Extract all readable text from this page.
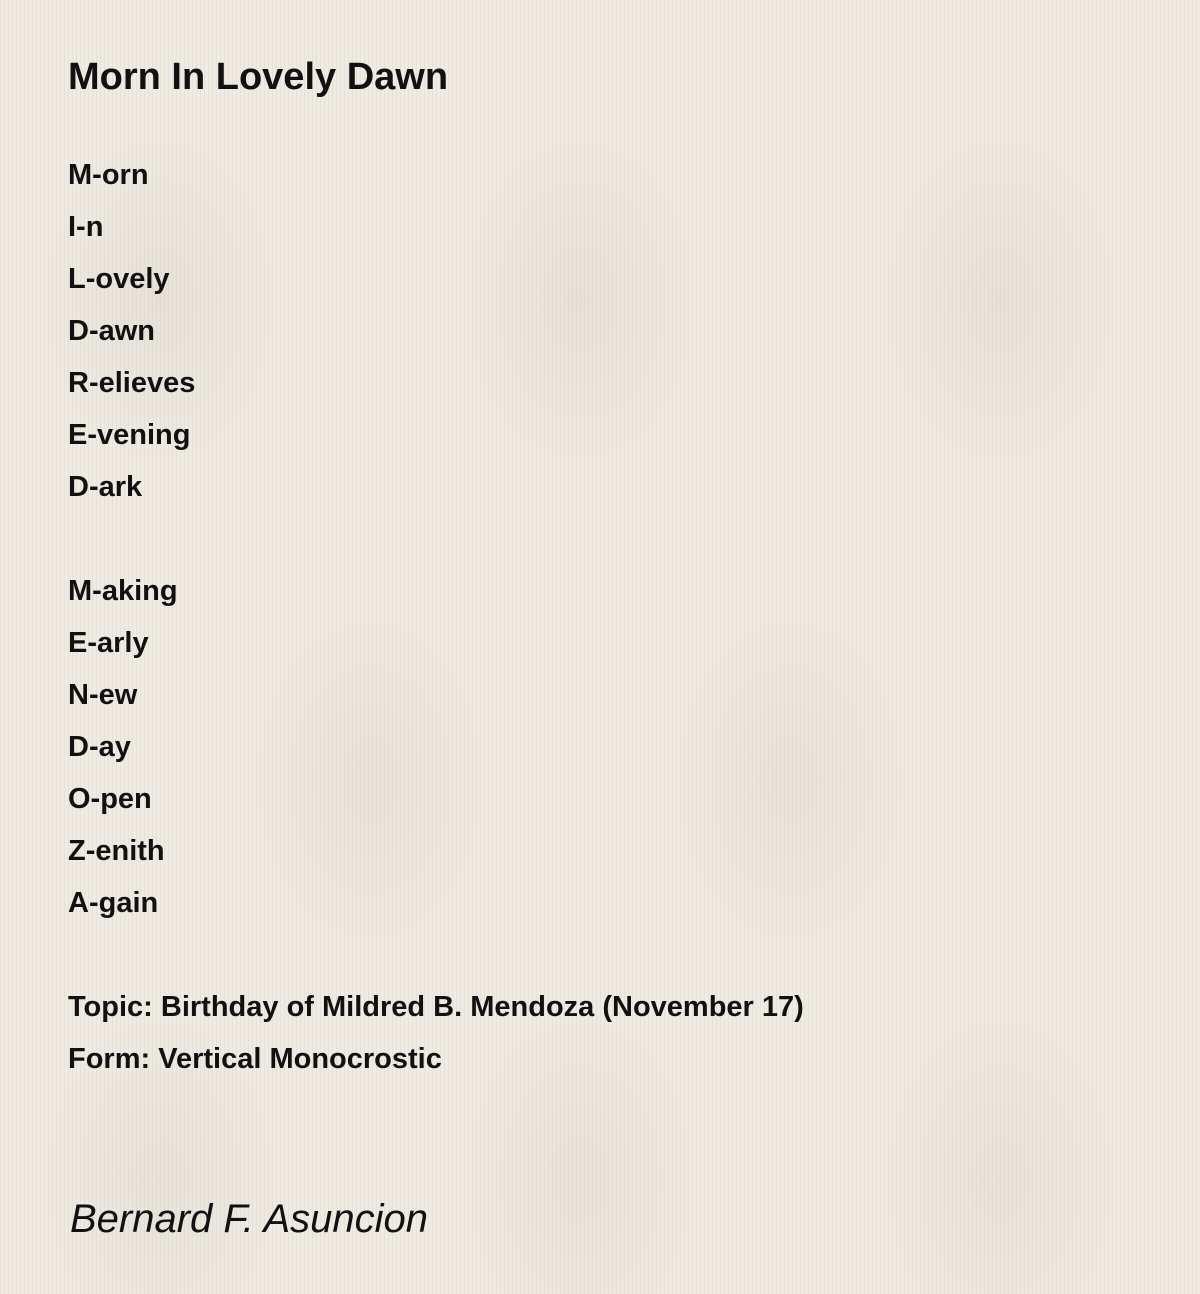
Morn In Lovely Dawn
M-orn
I-n
L-ovely
D-awn
R-elieves
E-vening
D-ark
M-aking
E-arly
N-ew
D-ay
O-pen
Z-enith
A-gain
Topic: Birthday of Mildred B. Mendoza (November 17)
Form: Vertical Monocrostic
Bernard F. Asuncion
